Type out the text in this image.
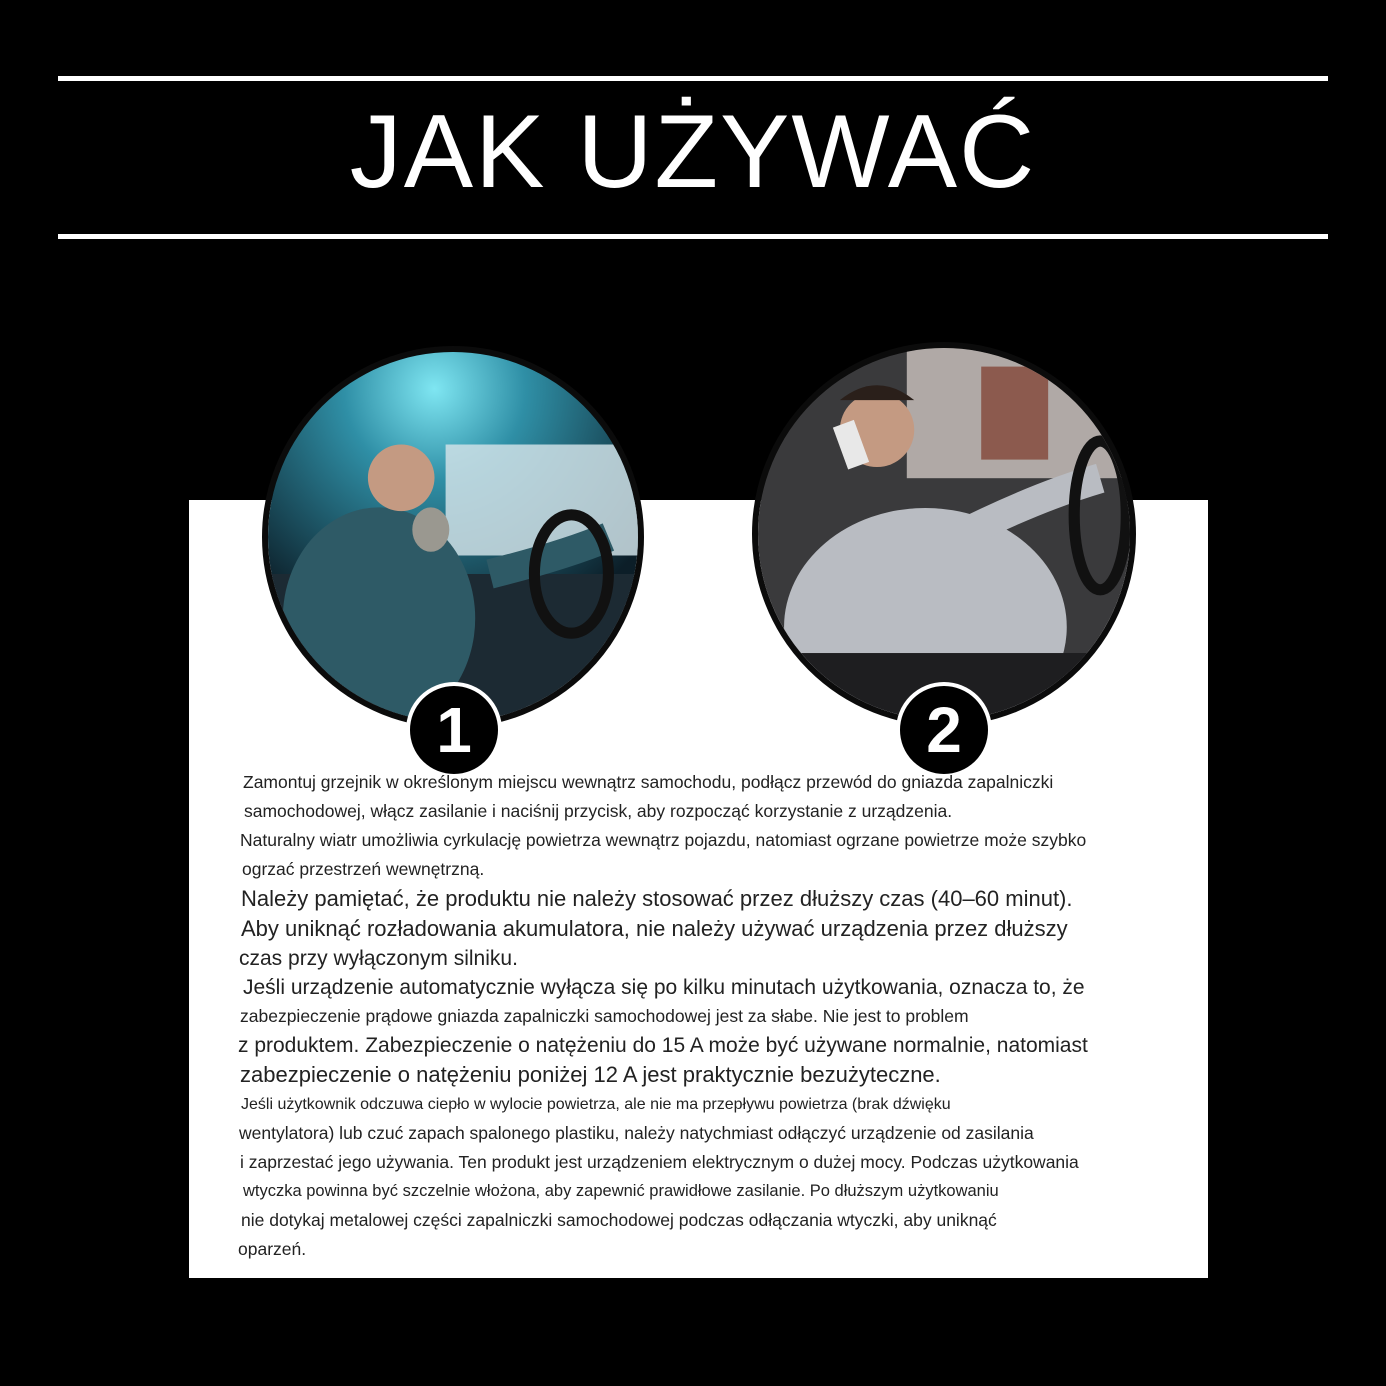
JAK UŻYWAĆ
1	2

Zamontuj grzejnik w określonym miejscu wewnątrz samochodu, podłącz przewód do gniazda zapalniczki

samochodowej, włącz zasilanie i naciśnij przycisk, aby rozpocząć korzystanie z urządzenia.

Naturalny wiatr umożliwia cyrkulację powietrza wewnątrz pojazdu, natomiast ogrzane powietrze może szybko

ogrzać przestrzeń wewnętrzną.

Należy pamiętać, że produktu nie należy stosować przez dłuższy czas (40–60 minut).

Aby uniknąć rozładowania akumulatora, nie należy używać urządzenia przez dłuższy

czas przy wyłączonym silniku.

Jeśli urządzenie automatycznie wyłącza się po kilku minutach użytkowania, oznacza to, że

zabezpieczenie prądowe gniazda zapalniczki samochodowej jest za słabe. Nie jest to problem

z produktem. Zabezpieczenie o natężeniu do 15 A może być używane normalnie, natomiast

zabezpieczenie o natężeniu poniżej 12 A jest praktycznie bezużyteczne.

Jeśli użytkownik odczuwa ciepło w wylocie powietrza, ale nie ma przepływu powietrza (brak dźwięku

wentylatora) lub czuć zapach spalonego plastiku, należy natychmiast odłączyć urządzenie od zasilania

i zaprzestać jego używania. Ten produkt jest urządzeniem elektrycznym o dużej mocy. Podczas użytkowania

wtyczka powinna być szczelnie włożona, aby zapewnić prawidłowe zasilanie. Po dłuższym użytkowaniu

nie dotykaj metalowej części zapalniczki samochodowej podczas odłączania wtyczki, aby uniknąć

oparzeń.
